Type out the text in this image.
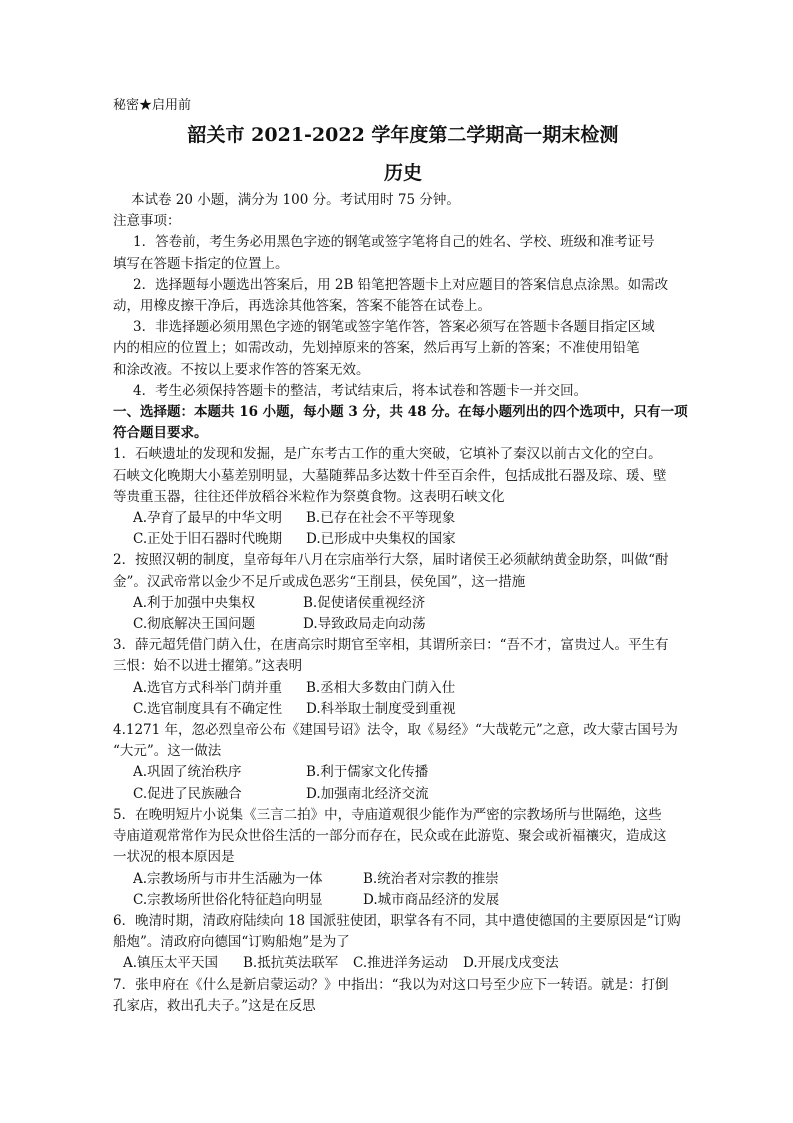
秘密★启用前
韶关市 2021-2022 学年度第二学期高一期末检测
历史
本试卷 20 小题，满分为 100 分。考试用时 75 分钟。
注意事项：
1．答卷前，考生务必用黑色字迹的钢笔或签字笔将自己的姓名、学校、班级和准考证号
填写在答题卡指定的位置上。
2．选择题每小题选出答案后，用 2B 铅笔把答题卡上对应题目的答案信息点涂黑。如需改
动，用橡皮擦干净后，再选涂其他答案，答案不能答在试卷上。
3．非选择题必须用黑色字迹的钢笔或签字笔作答，答案必须写在答题卡各题目指定区域
内的相应的位置上；如需改动，先划掉原来的答案，然后再写上新的答案；不准使用铅笔
和涂改液。不按以上要求作答的答案无效。
4．考生必须保持答题卡的整洁，考试结束后，将本试卷和答题卡一并交回。
一、选择题：本题共 16 小题，每小题 3 分，共 48 分。在每小题列出的四个选项中，只有一项
符合题目要求。
1．石峡遗址的发现和发掘，是广东考古工作的重大突破，它填补了秦汉以前古文化的空白。
石峡文化晚期大小墓差别明显，大墓随葬品多达数十件至百余件，包括成批石器及琮、瑗、壁
等贵重玉器，往往还伴放稻谷米粒作为祭奠食物。这表明石峡文化
A.孕育了最早的中华文明 B.已存在社会不平等现象
C.正处于旧石器时代晚期 D.已形成中央集权的国家
2．按照汉朝的制度，皇帝每年八月在宗庙举行大祭，届时诸侯王必须献纳黄金助祭，叫做“酎
金”。汉武帝常以金少不足斤或成色恶劣“王削县，侯免国”，这一措施
A.利于加强中央集权	B.促使诸侯重视经济
C.彻底解决王国问题	D.导致政局走向动荡
3．薛元超凭借门荫入仕，在唐高宗时期官至宰相，其谓所亲曰：“吾不才，富贵过人。平生有
三恨：始不以进士擢第。”这表明
A.选官方式科举门荫并重 B.丞相大多数由门荫入仕
C.选官制度具有不确定性 D.科举取士制度受到重视
4.1271 年，忽必烈皇帝公布《建国号诏》法令，取《易经》“大哉乾元”之意，改大蒙古国号为
“大元”。这一做法
A.巩固了统治秩序	B.利于儒家文化传播
C.促进了民族融合	D.加强南北经济交流
5．在晚明短片小说集《三言二拍》中，寺庙道观很少能作为严密的宗教场所与世隔绝，这些
寺庙道观常常作为民众世俗生活的一部分而存在，民众或在此游览、聚会或祈福禳灾，造成这
一状况的根本原因是
A.宗教场所与市井生活融为一体	B.统治者对宗教的推崇
C.宗教场所世俗化特征趋向明显	D.城市商品经济的发展
6．晚清时期，清政府陆续向 18 国派驻使团，职掌各有不同，其中遣使德国的主要原因是“订购
船炮”。清政府向德国“订购船炮”是为了
A.镇压太平天国 B.抵抗英法联军 C.推进洋务运动 D.开展戊戌变法
7．张申府在《什么是新启蒙运动？》中指出：“我以为对这口号至少应下一转语。就是：打倒
孔家店，救出孔夫子。”这是在反思
